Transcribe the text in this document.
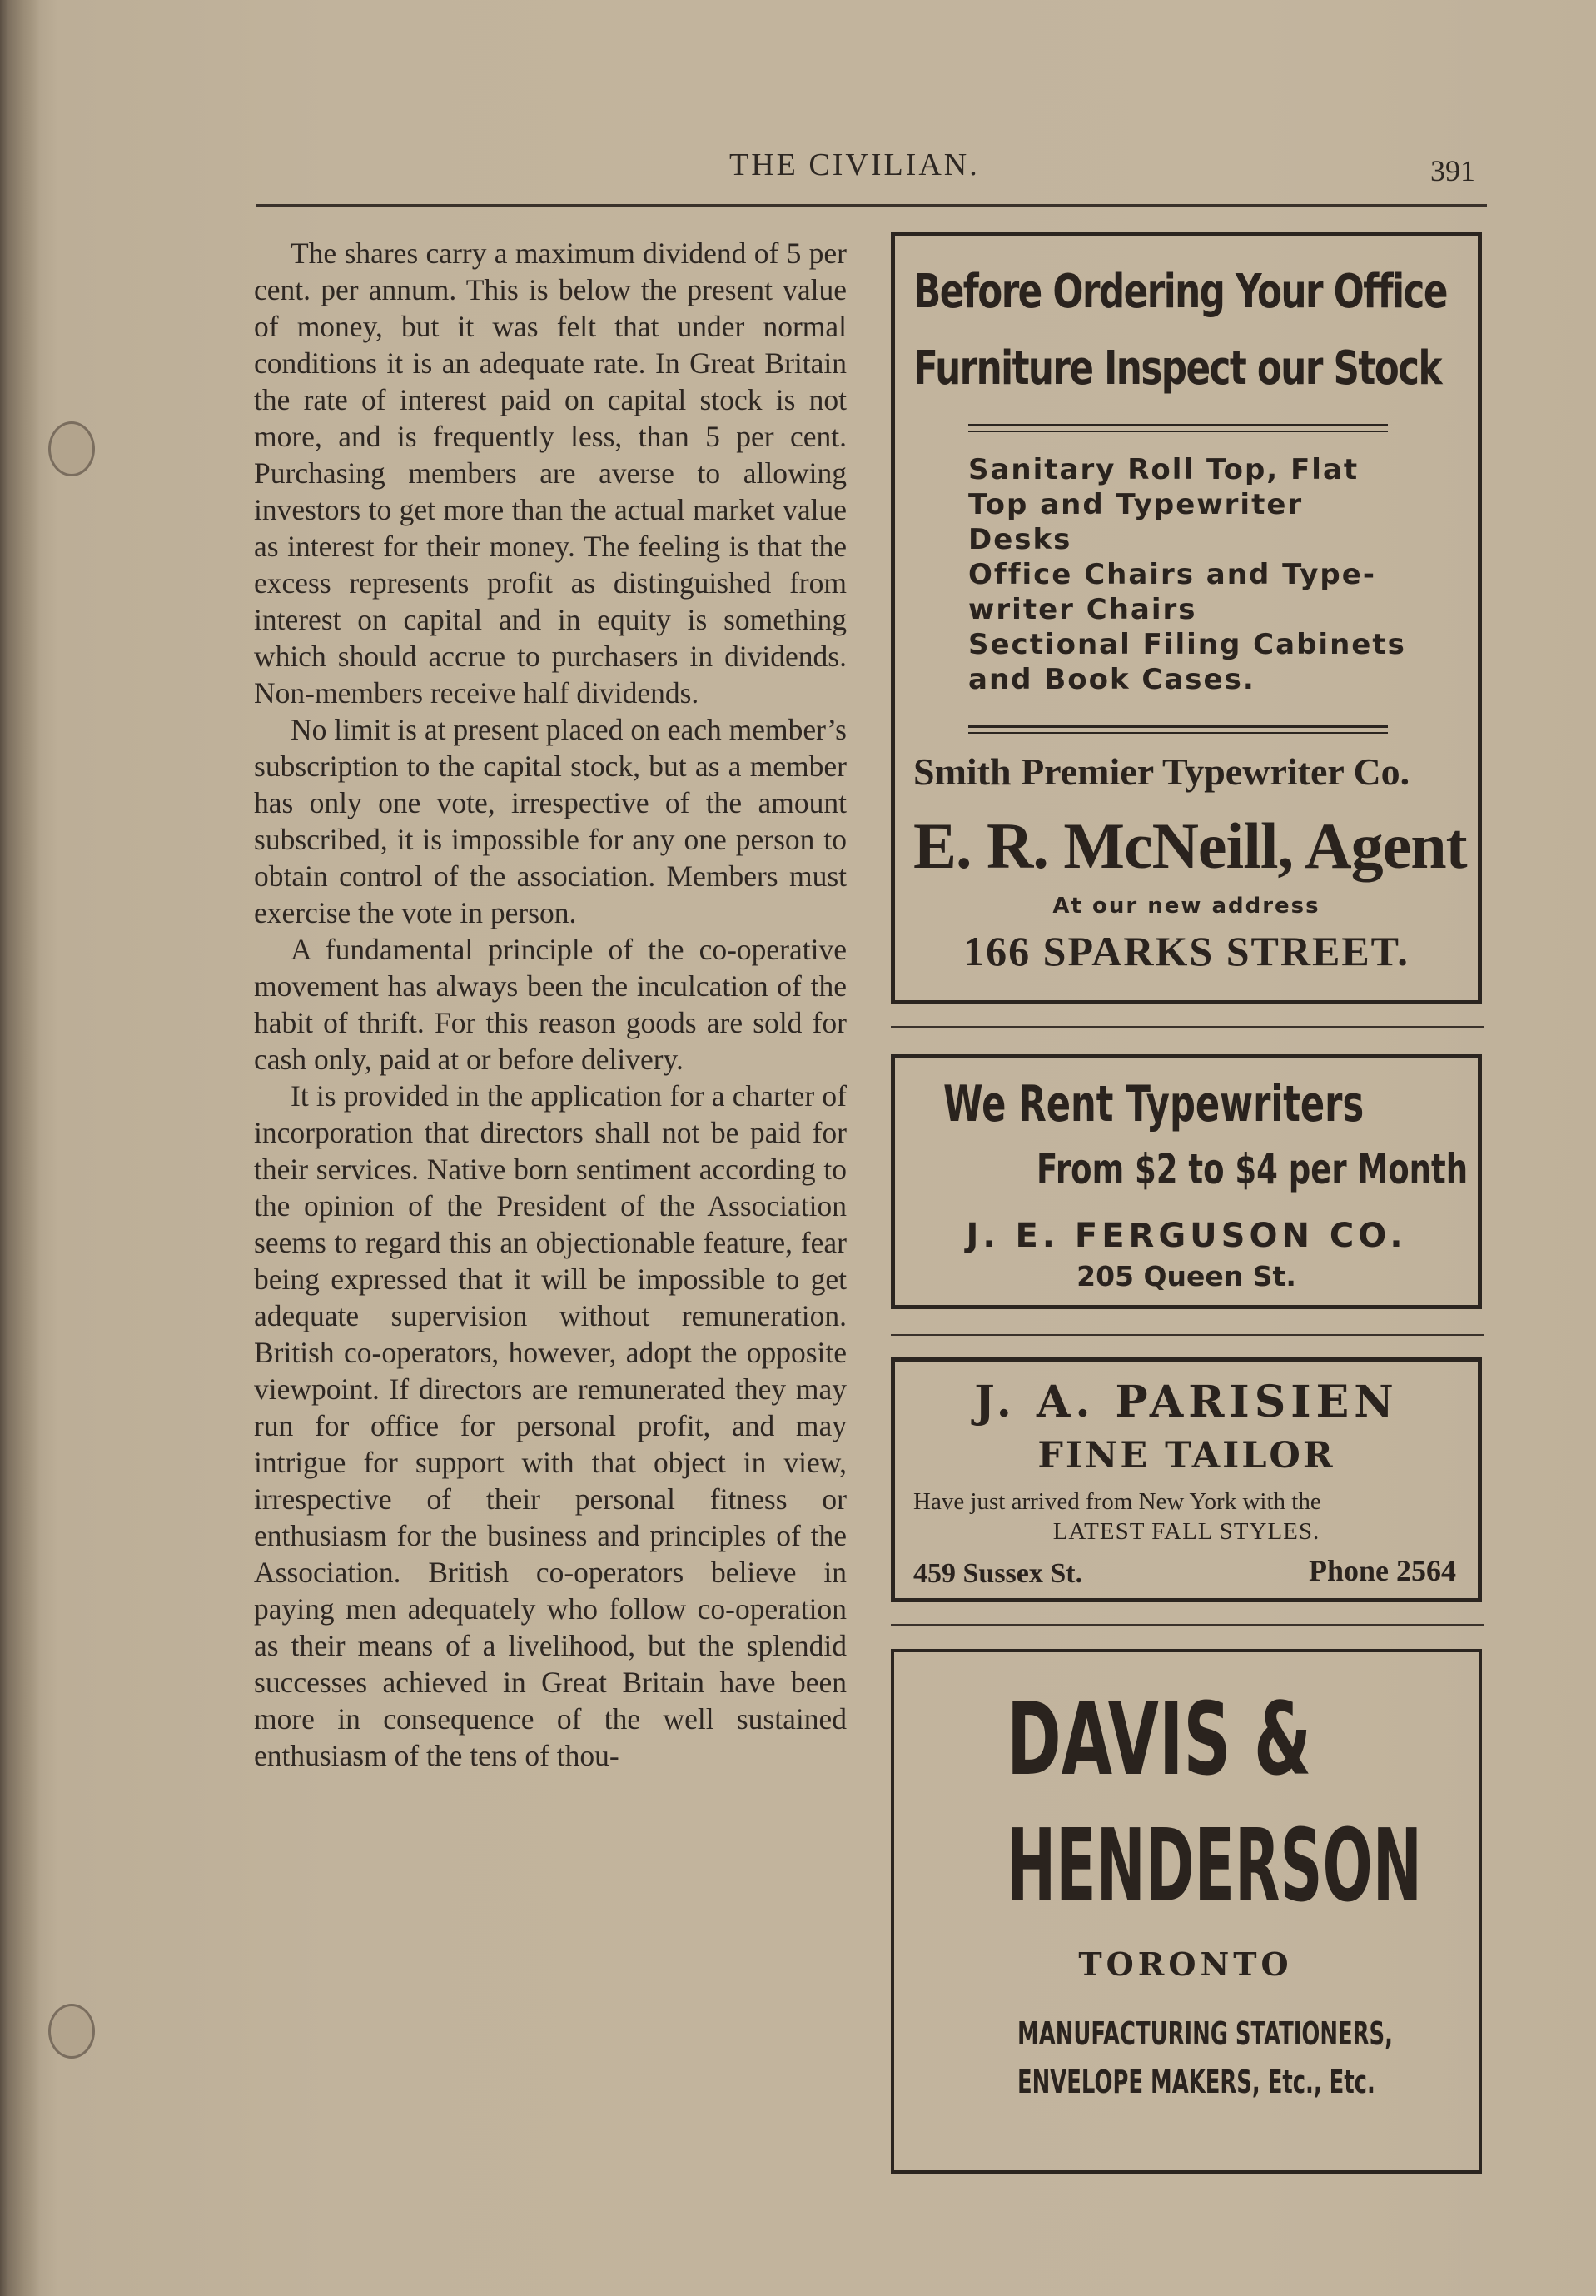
THE CIVILIAN.	391

The shares carry a maximum dividend of 5 per cent. per annum. This is below the present value of money, but it was felt that under normal conditions it is an adequate rate. In Great Britain the rate of interest paid on capital stock is not more, and is frequently less, than 5 per cent. Purchasing members are averse to allowing investors to get more than the actual market value as interest for their money. The feeling is that the excess represents profit as distinguished from interest on capital and in equity is something which should accrue to purchasers in dividends. Non-members receive half dividends.

No limit is at present placed on each member’s subscription to the capital stock, but as a member has only one vote, irrespective of the amount subscribed, it is impossible for any one person to obtain control of the association. Members must exercise the vote in person.

A fundamental principle of the co-operative movement has always been the inculcation of the habit of thrift. For this reason goods are sold for cash only, paid at or before delivery.

It is provided in the application for a charter of incorporation that directors shall not be paid for their services. Native born sentiment according to the opinion of the President of the Association seems to regard this an objectionable feature, fear being expressed that it will be impossible to get adequate supervision without remuneration. British co-operators, however, adopt the opposite viewpoint. If directors are remunerated they may run for office for personal profit, and may intrigue for support with that object in view, irrespective of their personal fitness or enthusiasm for the business and principles of the Association. British co-operators believe in paying men adequately who follow co-operation as their means of a livelihood, but the splendid successes achieved in Great Britain have been more in consequence of the well sustained enthusiasm of the tens of thou-

Before Ordering Your Office
Furniture Inspect our Stock
Sanitary Roll Top, Flat
Top and Typewriter
Desks
Office Chairs and Type-
writer Chairs
Sectional Filing Cabinets
and Book Cases.
Smith Premier Typewriter Co.
E. R. McNeill, Agent
At our new address
166 SPARKS STREET.
We Rent Typewriters
From $2 to $4 per Month
J. E. FERGUSON CO.
205 Queen St.
J. A. PARISIEN
FINE TAILOR
Have just arrived from New York with the
LATEST FALL STYLES.
459 Sussex St.	Phone 2564
DAVIS &
HENDERSON
TORONTO
MANUFACTURING STATIONERS,
ENVELOPE MAKERS, Etc., Etc.
